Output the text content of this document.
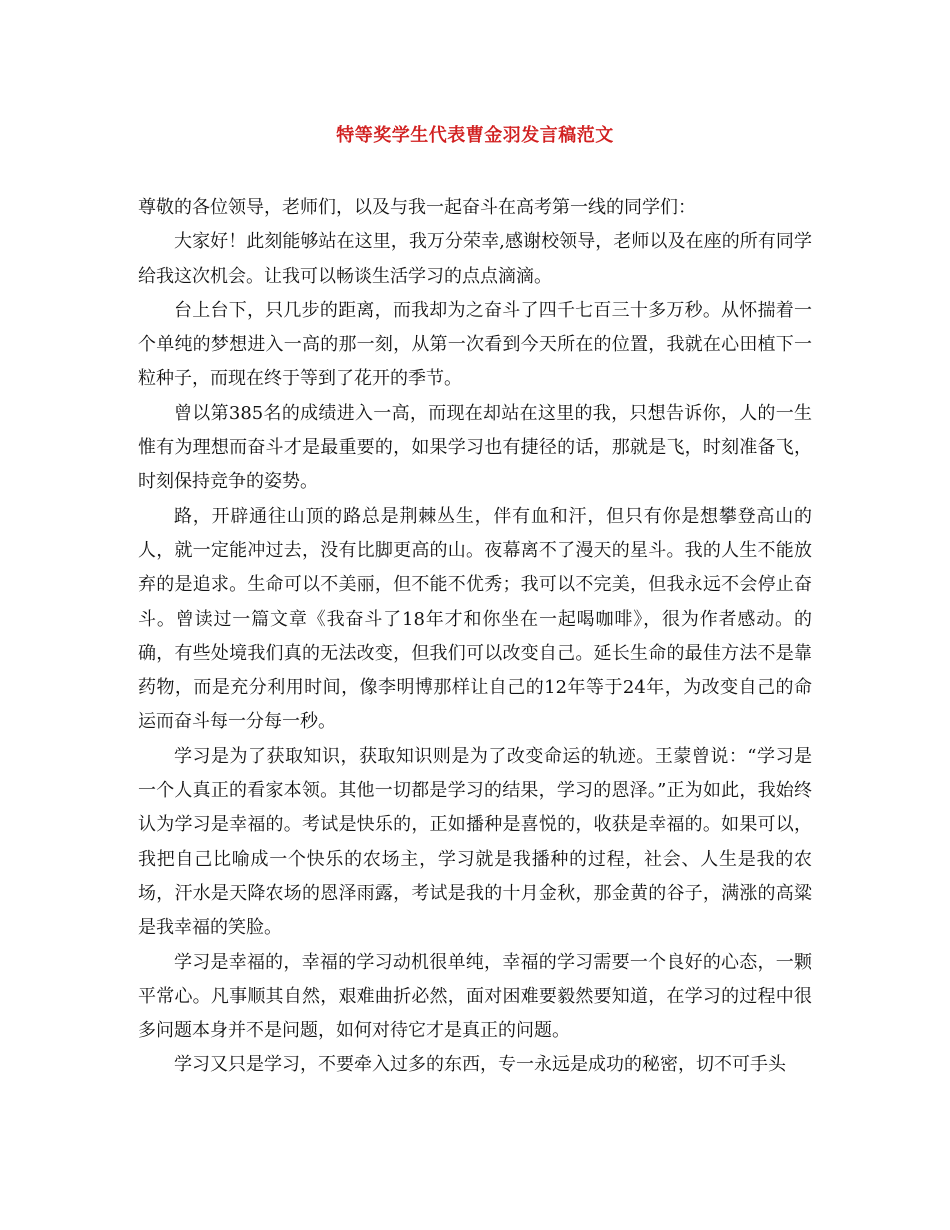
特等奖学生代表曹金羽发言稿范文

尊敬的各位领导，老师们，以及与我一起奋斗在高考第一线的同学们：

大家好！此刻能够站在这里，我万分荣幸,感谢校领导，老师以及在座的所有同学给我这次机会。让我可以畅谈生活学习的点点滴滴。

台上台下，只几步的距离，而我却为之奋斗了四千七百三十多万秒。从怀揣着一个单纯的梦想进入一高的那一刻，从第一次看到今天所在的位置，我就在心田植下一粒种子，而现在终于等到了花开的季节。

曾以第385名的成绩进入一高，而现在却站在这里的我，只想告诉你，人的一生惟有为理想而奋斗才是最重要的，如果学习也有捷径的话，那就是飞，时刻准备飞，时刻保持竞争的姿势。

路，开辟通往山顶的路总是荆棘丛生，伴有血和汗，但只有你是想攀登高山的人，就一定能冲过去，没有比脚更高的山。夜幕离不了漫天的星斗。我的人生不能放弃的是追求。生命可以不美丽，但不能不优秀；我可以不完美，但我永远不会停止奋斗。曾读过一篇文章《我奋斗了18年才和你坐在一起喝咖啡》，很为作者感动。的确，有些处境我们真的无法改变，但我们可以改变自己。延长生命的最佳方法不是靠药物，而是充分利用时间，像李明博那样让自己的12年等于24年，为改变自己的命运而奋斗每一分每一秒。

学习是为了获取知识，获取知识则是为了改变命运的轨迹。王蒙曾说：“学习是一个人真正的看家本领。其他一切都是学习的结果，学习的恩泽。”正为如此，我始终认为学习是幸福的。考试是快乐的，正如播种是喜悦的，收获是幸福的。如果可以，我把自己比喻成一个快乐的农场主，学习就是我播种的过程，社会、人生是我的农场，汗水是天降农场的恩泽雨露，考试是我的十月金秋，那金黄的谷子，满涨的高粱是我幸福的笑脸。

学习是幸福的，幸福的学习动机很单纯，幸福的学习需要一个良好的心态，一颗平常心。凡事顺其自然，艰难曲折必然，面对困难要毅然要知道，在学习的过程中很多问题本身并不是问题，如何对待它才是真正的问题。

学习又只是学习，不要牵入过多的东西，专一永远是成功的秘密，切不可手头
